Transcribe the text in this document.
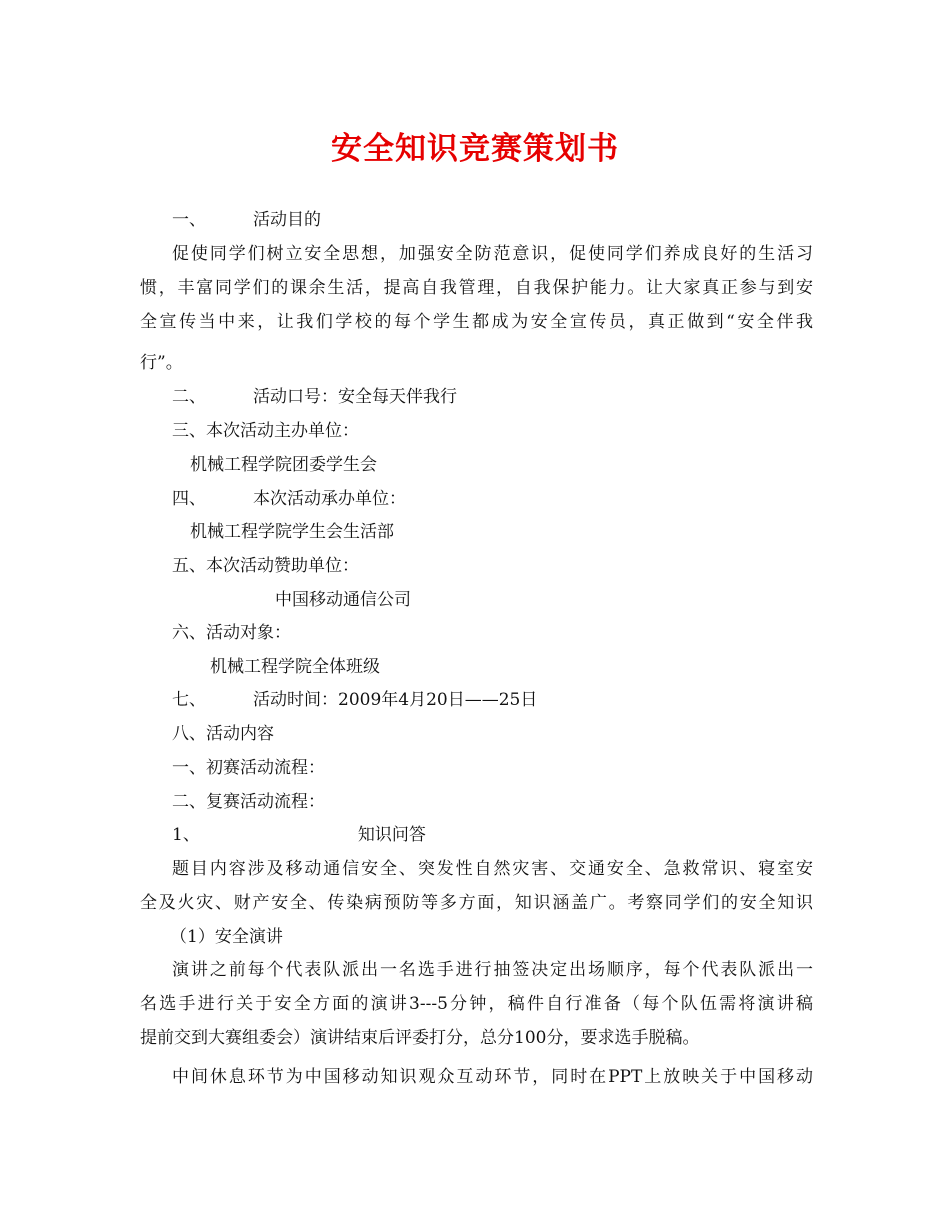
安全知识竞赛策划书
一、	活动目的
促使同学们树立安全思想，加强安全防范意识，促使同学们养成良好的生活习
惯，丰富同学们的课余生活，提高自我管理，自我保护能力。让大家真正参与到安
全宣传当中来，让我们学校的每个学生都成为安全宣传员，真正做到“安全伴我
行”。
二、	活动口号：安全每天伴我行
三、本次活动主办单位：
机械工程学院团委学生会
四、	本次活动承办单位：
机械工程学院学生会生活部
五、本次活动赞助单位：
中国移动通信公司
六、活动对象：
机械工程学院全体班级
七、	活动时间：2009年4月20日——25日
八、活动内容
一、初赛活动流程：
二、复赛活动流程：
1、	知识问答
题目内容涉及移动通信安全、突发性自然灾害、交通安全、急救常识、寝室安
全及火灾、财产安全、传染病预防等多方面，知识涵盖广。考察同学们的安全知识
（1）安全演讲
演讲之前每个代表队派出一名选手进行抽签决定出场顺序，每个代表队派出一
名选手进行关于安全方面的演讲3---5分钟，稿件自行准备（每个队伍需将演讲稿
提前交到大赛组委会）演讲结束后评委打分，总分100分，要求选手脱稿。
中间休息环节为中国移动知识观众互动环节，同时在PPT上放映关于中国移动
